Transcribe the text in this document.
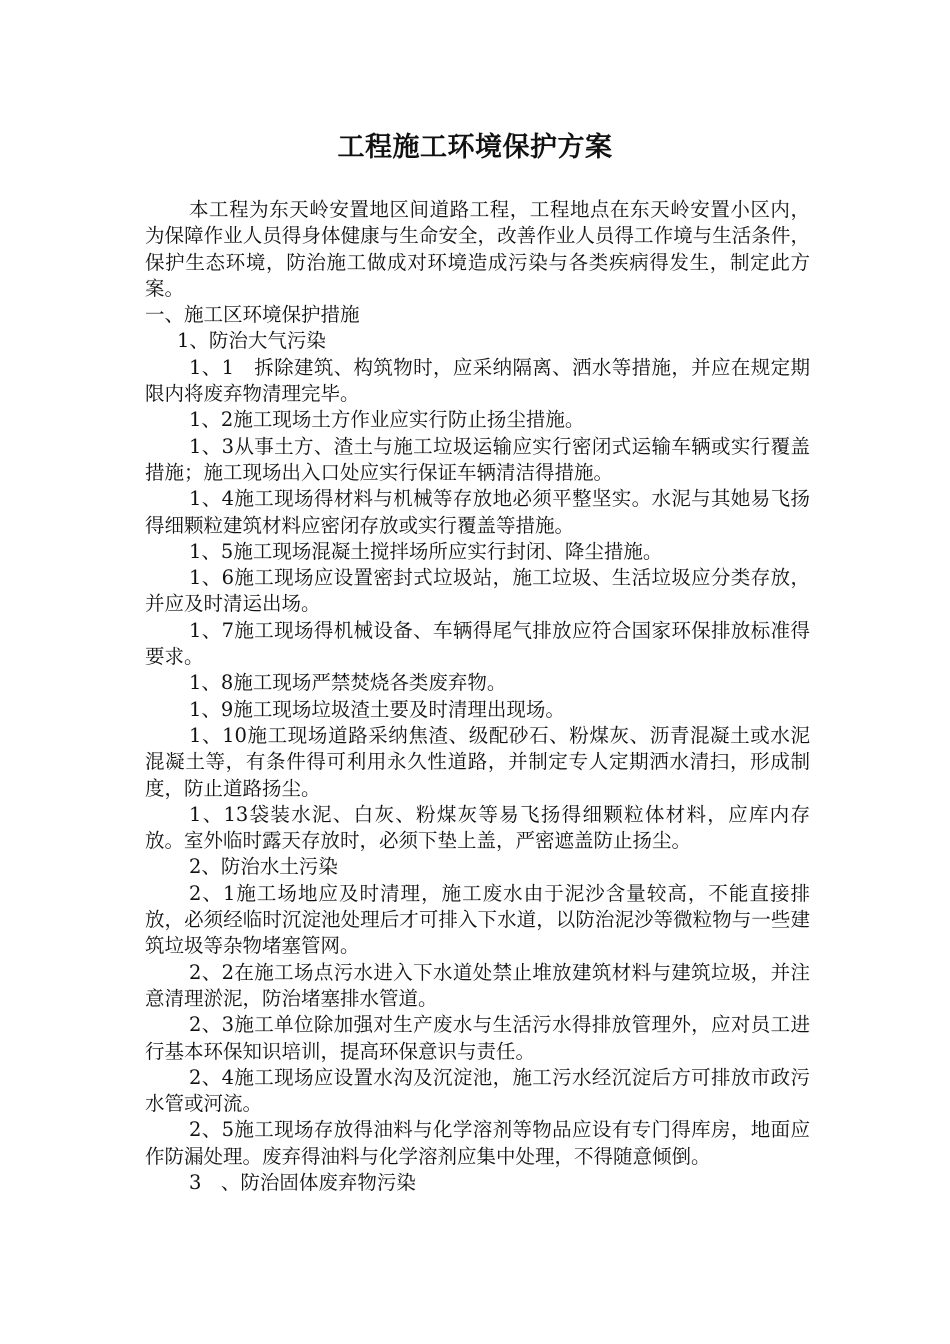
工程施工环境保护方案

本工程为东天岭安置地区间道路工程，工程地点在东天岭安置小区内，为保障作业人员得身体健康与生命安全，改善作业人员得工作境与生活条件，保护生态环境，防治施工做成对环境造成污染与各类疾病得发生，制定此方案。

一、施工区环境保护措施

1、防治大气污染

1、1　拆除建筑、构筑物时，应采纳隔离、洒水等措施，并应在规定期限内将废弃物清理完毕。

1、2施工现场土方作业应实行防止扬尘措施。

1、3从事土方、渣土与施工垃圾运输应实行密闭式运输车辆或实行覆盖措施；施工现场出入口处应实行保证车辆清洁得措施。

1、4施工现场得材料与机械等存放地必须平整坚实。水泥与其她易飞扬得细颗粒建筑材料应密闭存放或实行覆盖等措施。

1、5施工现场混凝土搅拌场所应实行封闭、降尘措施。

1、6施工现场应设置密封式垃圾站，施工垃圾、生活垃圾应分类存放，并应及时清运出场。

1、7施工现场得机械设备、车辆得尾气排放应符合国家环保排放标准得要求。

1、8施工现场严禁焚烧各类废弃物。

1、9施工现场垃圾渣土要及时清理出现场。

1、10施工现场道路采纳焦渣、级配砂石、粉煤灰、沥青混凝土或水泥混凝土等，有条件得可利用永久性道路，并制定专人定期洒水清扫，形成制度，防止道路扬尘。

1、13袋装水泥、白灰、粉煤灰等易飞扬得细颗粒体材料，应库内存放。室外临时露天存放时，必须下垫上盖，严密遮盖防止扬尘。

2、防治水土污染

2、1施工场地应及时清理，施工废水由于泥沙含量较高，不能直接排放，必须经临时沉淀池处理后才可排入下水道，以防治泥沙等微粒物与一些建筑垃圾等杂物堵塞管网。

2、2在施工场点污水进入下水道处禁止堆放建筑材料与建筑垃圾，并注意清理淤泥，防治堵塞排水管道。

2、3施工单位除加强对生产废水与生活污水得排放管理外，应对员工进行基本环保知识培训，提高环保意识与责任。

2、4施工现场应设置水沟及沉淀池，施工污水经沉淀后方可排放市政污水管或河流。

2、5施工现场存放得油料与化学溶剂等物品应设有专门得库房，地面应作防漏处理。废弃得油料与化学溶剂应集中处理，不得随意倾倒。

3　、防治固体废弃物污染
